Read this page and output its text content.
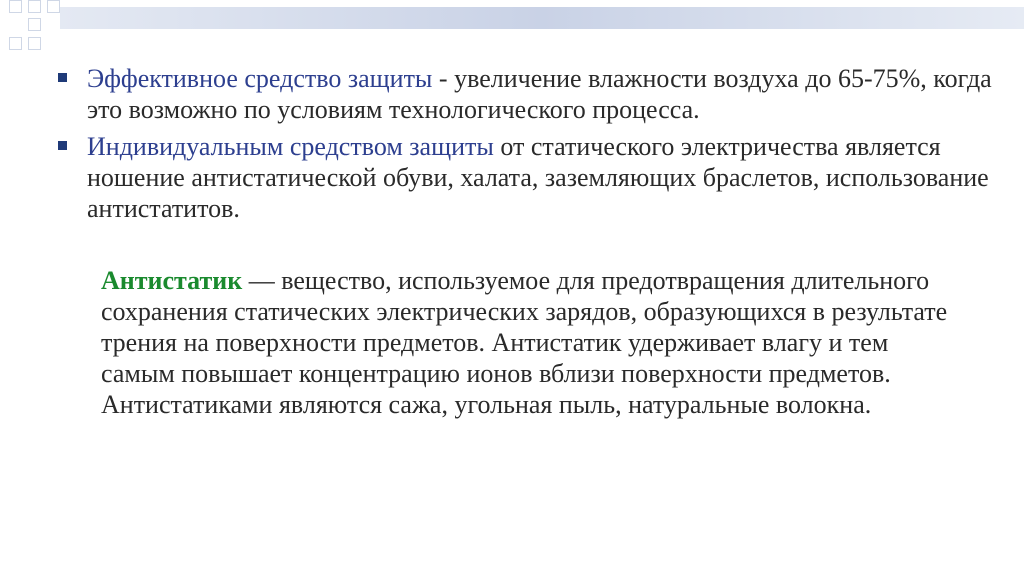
Эффективное средство защиты - увеличение влажности воздуха до 65-75%, когда это возможно по условиям технологического процесса.
Индивидуальным средством защиты от статического электричества является ношение антистатической обуви, халата, заземляющих браслетов, использование антистатитов.
Антистатик — вещество, используемое для предотвращения длительного сохранения статических электрических зарядов, образующихся в результате трения на поверхности предметов. Антистатик удерживает влагу и тем самым повышает концентрацию ионов вблизи поверхности предметов. Антистатиками являются сажа, угольная пыль, натуральные волокна.
